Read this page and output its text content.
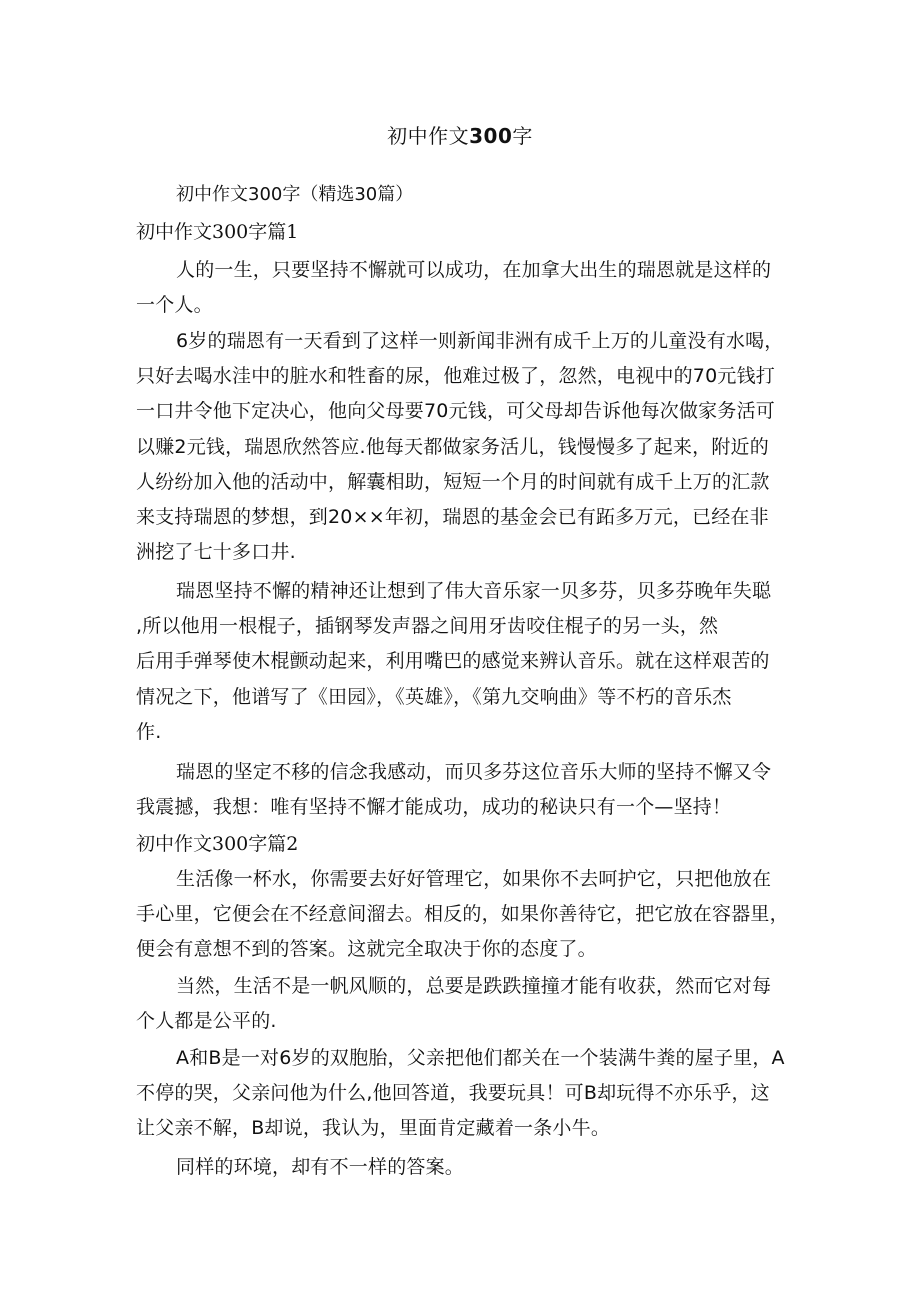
初中作文300字
初中作文300字（精选30篇）
初中作文300字篇1
人的一生，只要坚持不懈就可以成功，在加拿大出生的瑞恩就是这样的
一个人。
6岁的瑞恩有一天看到了这样一则新闻非洲有成千上万的儿童没有水喝，
只好去喝水洼中的脏水和牲畜的尿，他难过极了，忽然，电视中的70元钱打
一口井令他下定决心，他向父母要70元钱，可父母却告诉他每次做家务活可
以赚2元钱，瑞恩欣然答应.他每天都做家务活儿，钱慢慢多了起来，附近的
人纷纷加入他的活动中，解囊相助，短短一个月的时间就有成千上万的汇款
来支持瑞恩的梦想，到20××年初，瑞恩的基金会已有跖多万元，已经在非
洲挖了七十多口井.
瑞恩坚持不懈的精神还让想到了伟大音乐家一贝多芬，贝多芬晚年失聪
,所以他用一根棍子，插钢琴发声器之间用牙齿咬住棍子的另一头，然
后用手弹琴使木棍颤动起来，利用嘴巴的感觉来辨认音乐。就在这样艰苦的
情况之下，他谱写了《田园》，《英雄》，《第九交响曲》等不朽的音乐杰
作.
瑞恩的坚定不移的信念我感动，而贝多芬这位音乐大师的坚持不懈又令
我震撼，我想：唯有坚持不懈才能成功，成功的秘诀只有一个—坚持！
初中作文300字篇2
生活像一杯水，你需要去好好管理它，如果你不去呵护它，只把他放在
手心里，它便会在不经意间溜去。相反的，如果你善待它，把它放在容器里，
便会有意想不到的答案。这就完全取决于你的态度了。
当然，生活不是一帆风顺的，总要是跌跌撞撞才能有收获，然而它对每
个人都是公平的.
A和B是一对6岁的双胞胎，父亲把他们都关在一个装满牛粪的屋子里，A
不停的哭，父亲问他为什么,他回答道，我要玩具！可B却玩得不亦乐乎，这
让父亲不解，B却说，我认为，里面肯定藏着一条小牛。
同样的环境，却有不一样的答案。
